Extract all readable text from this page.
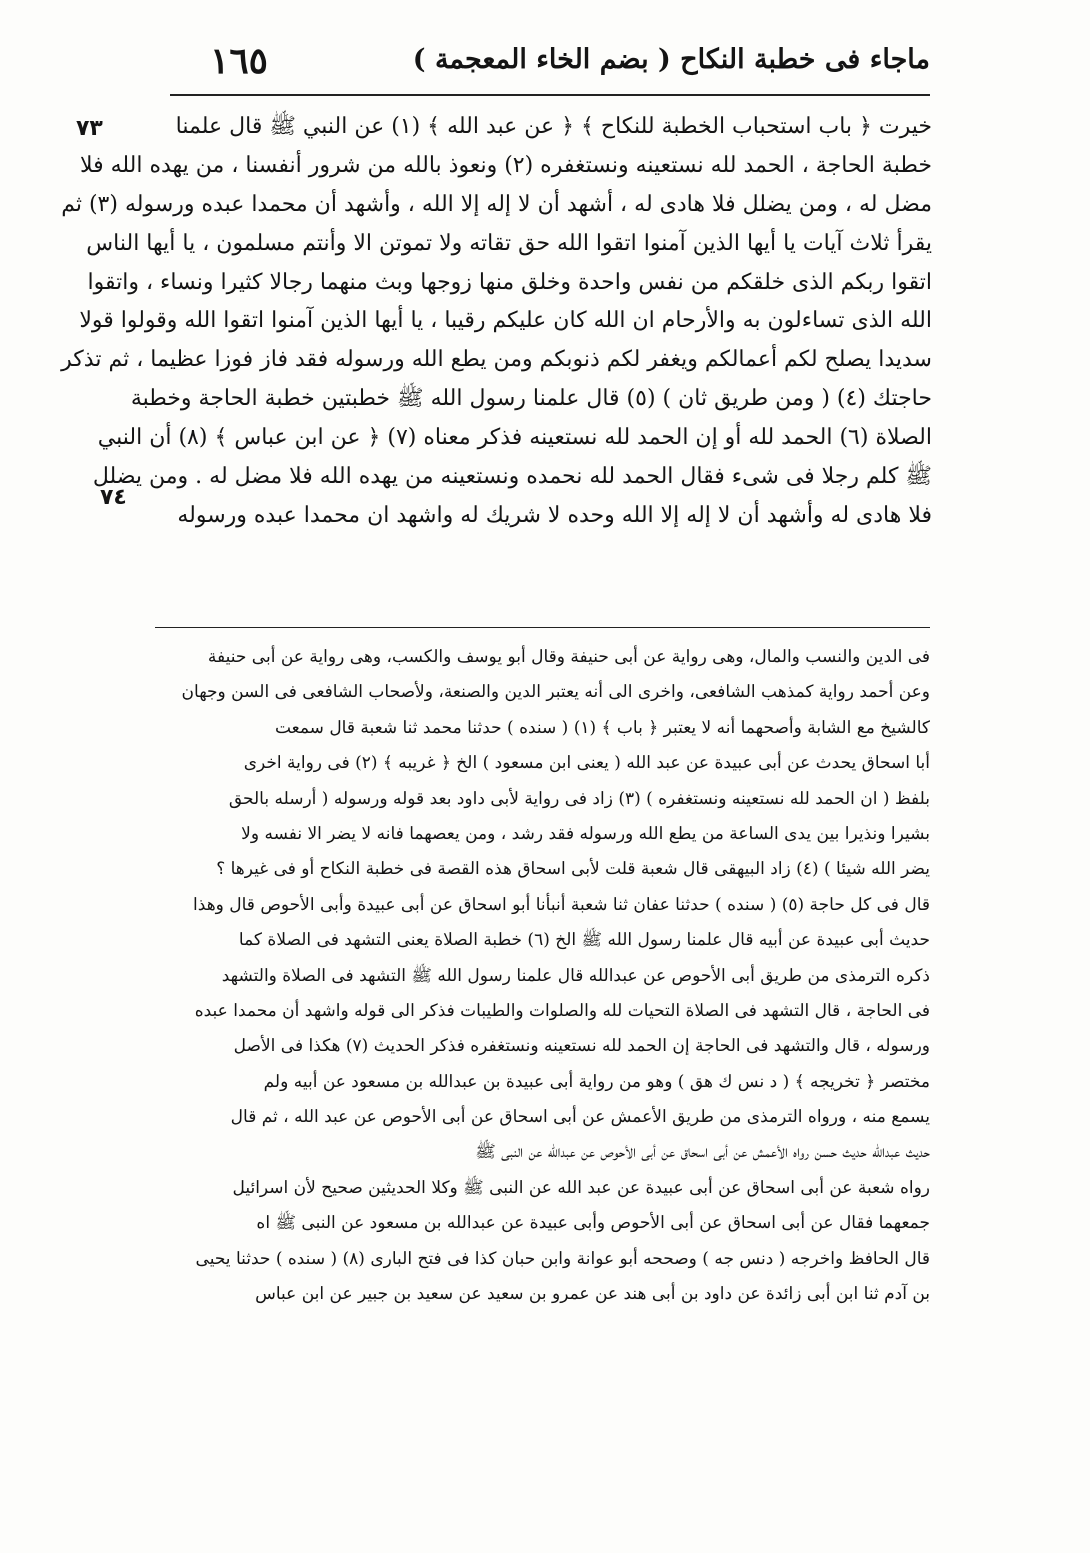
ماجاء فی خطبة النکاح ( بضم الخاء المعجمة )
١٦٥
٧٣
٧٤
خيرت ﴿ باب استحباب الخطبة للنكاح ﴾ ﴿ عن عبد الله ﴾ (١) عن النبي ﷺ قال علمنا
خطبة الحاجة ، الحمد لله نستعينه ونستغفره (٢) ونعوذ بالله من شرور أنفسنا ، من يهده الله فلا
مضل له ، ومن يضلل فلا هادی له ، أشهد أن لا إله إلا الله ، وأشهد أن محمدا عبده ورسوله (٣) ثم
يقرأ ثلاث آيات يا أيها الذين آمنوا اتقوا الله حق تقاته ولا تموتن الا وأنتم مسلمون ، يا أيها الناس
اتقوا ربكم الذى خلقكم من نفس واحدة وخلق منها زوجها وبث منهما رجالا كثيرا ونساء ، واتقوا
الله الذى تساءلون به والأرحام ان الله كان عليكم رقيبا ، يا أيها الذين آمنوا اتقوا الله وقولوا قولا
سديدا يصلح لكم أعمالكم ويغفر لكم ذنوبكم ومن يطع الله ورسوله فقد فاز فوزا عظيما ، ثم تذكر
حاجتك (٤) ( ومن طريق ثان ) (٥) قال علمنا رسول الله ﷺ خطبتين خطبة الحاجة وخطبة
الصلاة (٦) الحمد لله أو إن الحمد لله نستعينه فذكر معناه (٧) ﴿ عن ابن عباس ﴾ (٨) أن النبي
ﷺ كلم رجلا فى شیء فقال الحمد لله نحمده ونستعينه من يهده الله فلا مضل له . ومن يضلل
فلا هادى له وأشهد أن لا إله إلا الله وحده لا شريك له واشهد ان محمدا عبده ورسوله
فى الدين والنسب والمال، وهى رواية عن أبى حنيفة وقال أبو يوسف والكسب، وهى رواية عن أبى حنيفة
وعن أحمد رواية كمذهب الشافعى، واخرى الى أنه يعتبر الدين والصنعة، ولأصحاب الشافعى فى السن وجهان
كالشيخ مع الشابة وأصحهما أنه لا يعتبر ﴿ باب ﴾ (١) ( سنده ) حدثنا محمد ثنا شعبة قال سمعت
أبا اسحاق يحدث عن أبى عبيدة عن عبد الله ( يعنى ابن مسعود ) الخ ﴿ غريبه ﴾ (٢) فى رواية اخرى
بلفظ ( ان الحمد لله نستعينه ونستغفره ) (٣) زاد فى رواية لأبى داود بعد قوله ورسوله ( أرسله بالحق
بشيرا ونذيرا بين يدى الساعة من يطع الله ورسوله فقد رشد ، ومن يعصهما فانه لا يضر الا نفسه ولا
يضر الله شيئا ) (٤) زاد البيهقى قال شعبة قلت لأبى اسحاق هذه القصة فى خطبة النكاح أو فى غيرها ؟
قال فى كل حاجة (٥) ( سنده ) حدثنا عفان ثنا شعبة أنبأنا أبو اسحاق عن أبى عبيدة وأبى الأحوص قال وهذا
حديث أبى عبيدة عن أبيه قال علمنا رسول الله ﷺ الخ (٦) خطبة الصلاة يعنى التشهد فى الصلاة كما
ذكره الترمذى من طريق أبى الأحوص عن عبدالله قال علمنا رسول الله ﷺ التشهد فى الصلاة والتشهد
فى الحاجة ، قال التشهد فى الصلاة التحيات لله والصلوات والطيبات فذكر الى قوله واشهد أن محمدا عبده
ورسوله ، قال والتشهد فى الحاجة إن الحمد لله نستعينه ونستغفره فذكر الحديث (٧) هكذا فى الأصل
مختصر ﴿ تخريجه ﴾ ( د نس ك هق ) وهو من رواية أبى عبيدة بن عبدالله بن مسعود عن أبيه ولم
يسمع منه ، ورواه الترمذى من طريق الأعمش عن أبى اسحاق عن أبى الأحوص عن عبد الله ، ثم قال
حديث عبدالله حديث حسن رواه الأعمش عن أبى اسحاق عن أبى الأحوص عن عبدالله عن النبى ﷺ
رواه شعبة عن أبى اسحاق عن أبى عبيدة عن عبد الله عن النبى ﷺ وكلا الحديثين صحيح لأن اسرائيل
جمعهما فقال عن أبى اسحاق عن أبى الأحوص وأبى عبيدة عن عبدالله بن مسعود عن النبى ﷺ اه
قال الحافظ واخرجه ( دنس جه ) وصححه أبو عوانة وابن حبان كذا فى فتح البارى (٨) ( سنده ) حدثنا يحيى
بن آدم ثنا ابن أبى زائدة عن داود بن أبى هند عن عمرو بن سعيد عن سعيد بن جبير عن ابن عباس
